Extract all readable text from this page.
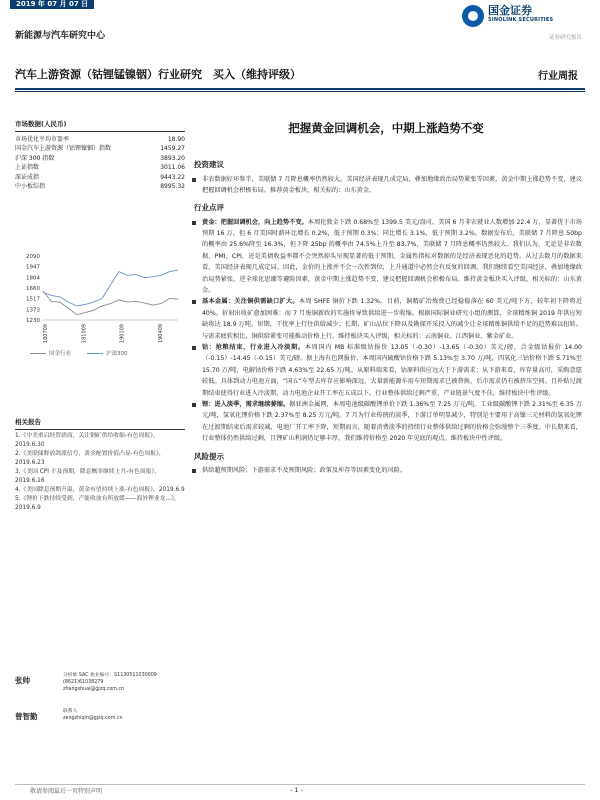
2019 年 07 月 07 日	国金证券
SINOLINK SECURITIES
证券研究报告
新能源与汽车研究中心
汽车上游资源（钴锂锰镍铟）行业研究　买入（维持评级）	行业周报
市场数据(人民币)
市场优化平均市盈率	18.90
国金汽车上游资源（钴锂镍铟）指数	1459.27
沪深 300 指数	3893.20
上证指数	3011.06
深证成指	9443.22
中小板综指	8995.32
2090
1947
1804
1660
1517
1373
1230
180709	181009	190109	190409
国金行业	沪深300
相关报告
1.《中美重启经贸磋商，关注钢矿供给收缩-有色周报》，2019.6.30
2.《美联储释放鸽派信号，黄金配置价值凸显-有色周报》，2019.6.23
3.《美国 CPI 不及预期，降息概率继续上升-有色周报》，2019.6.16
4.《美国降息预期升温，黄金有望持续上涨-有色周报》，2019.6.9
5.《锂价下跌持续受到，产能收放有所放缓——海外锂业龙...》，2019.6.9
张帅
分析师 SAC 执业编号：S1130511030009
(8621)61038279
zhangshuai@gjzq.com.cn
曾智勤
联系人
zengzhiqin@gjzq.com.cn
把握黄金回调机会，中期上涨趋势不变
投资建议
非农数据好坏参半，美联储 7 月降息概率仍然较大。美国经济表现几成定局，叠加地缘政治局势紧张等因素，黄金中期上涨趋势不变，建议把握回调机会积极布局。推荐黄金板块，相关标的：山东黄金。
行业点评
黄金：把握回调机会，向上趋势不变。本周伦敦金下跌 0.68%至 1399.5 美元/盎司。美国 6 月非农就业人数增加 22.4 万，显著优于市场预期 16 万。但 6 月美国时薪环比增长 0.2%，低于预期 0.3%；同比增长 3.1%，低于预期 3.2%。数据发布后，美联储 7 月降息 50bp 的概率由 25.6%降至 16.3%，但下降 25bp 的概率由 74.5%上升至 83.7%，美联储 7 月降息概率仍然较大。我们认为，无论是非农数据、PMI、CPI，还是美债收益率都不会突然掉头呈现显著的低于预期，金属性指标对数据的是经济表现恶化的趋势。从过去数月的数据来看，美国经济表现几成定局。因此，金价的上涨并不会一次性到位，上升通道中必然会有反复的回调。我们继续看空美国经济，叠加地缘政治局势紧张、逆全球化思潮等避险因素，黄金中期上涨趋势不变，建议把握回调机会积极布局。维持黄金板块买入评级，相关标的：山东黄金。
基本金属：关注铜供需缺口扩大。本周 SHFE 铜价下跌 1.32%。目前，铜精矿冶炼费已经稳稳落在 60 美元/吨下方，较年初下降将近 40%。折射出收矿愈加困难：而 7 月废铜新政的实施将导致供给进一步收缩。根据国际铜业研究小组的测算，全球精炼铜 2019 年供应短缺将达 18.9 万吨。短期，干扰率上行往供给减少；长期，矿山品位下降以及勘探开采投入的减少让全球精炼铜供给不足的趋势难以扭转。与需求疲软相比，铜供给紧张可能推动价格上行。维持板块买入评级，相关标的：云南铜业、江西铜业、紫金矿业。
钴：抢粮结束，行业进入冷淡期。本周国内 MB 标准级钴报价 13.05（-0.30）-13.65（-0.30）美元/磅，合金级钴报价 14.00（-0.15）-14.45（-0.15）美元/磅。据上海有色网报价，本周国内硫酸钴价格下跌 5.13%至 3.70 万/吨，四氧化三钴价格下跌 5.71%至 15.70 万/吨，电解钴价格下跌 4.63%至 22.65 万/吨。从原料端来看，钴原料供应远大于下游需求；从下游来看，库存量高可，采购意愿较低。具体到动力电池方面，“国五”车型去库存应影响深远，大量新能源车用车短期需求已被替换，后市需求仍有被挤压空间。且补贴过渡期结束使得行业进入冷淡期，动力电池企业开工率在五成以下。行业整体供给过剩严重，产业链景气度不佳，维持板块中性评级。
锂：进入淡季，需求继续萎缩。据亚洲金属网，本周电池级碳酸锂单价下跌 1.36%至 7.25 万元/吨，工业级碳酸锂下跌 2.31%至 6.35 万元/吨，氢氧化锂价格下跌 2.37%至 8.25 万元/吨。7 月为行业传统的淡季，下游订单明显减少，特别是主要用于高镍三元材料的氢氧化锂在过渡期结束后需求较减，电池厂开工率下降，短期而言，随着消费淡季的持续行业整体供给过剩的价格会弥漫整个三季度。中长期来看，行业整体仍然供给过剩，且锂矿山利润仍足够丰厚，我们维持价格至 2020 年见底的观点。维持板块中性评级。
风险提示
供给超预期风险；下游需求不及预期风险；政策及库存等因素变化的风险。
敬请参阅最后一页特别声明	- 1 -
